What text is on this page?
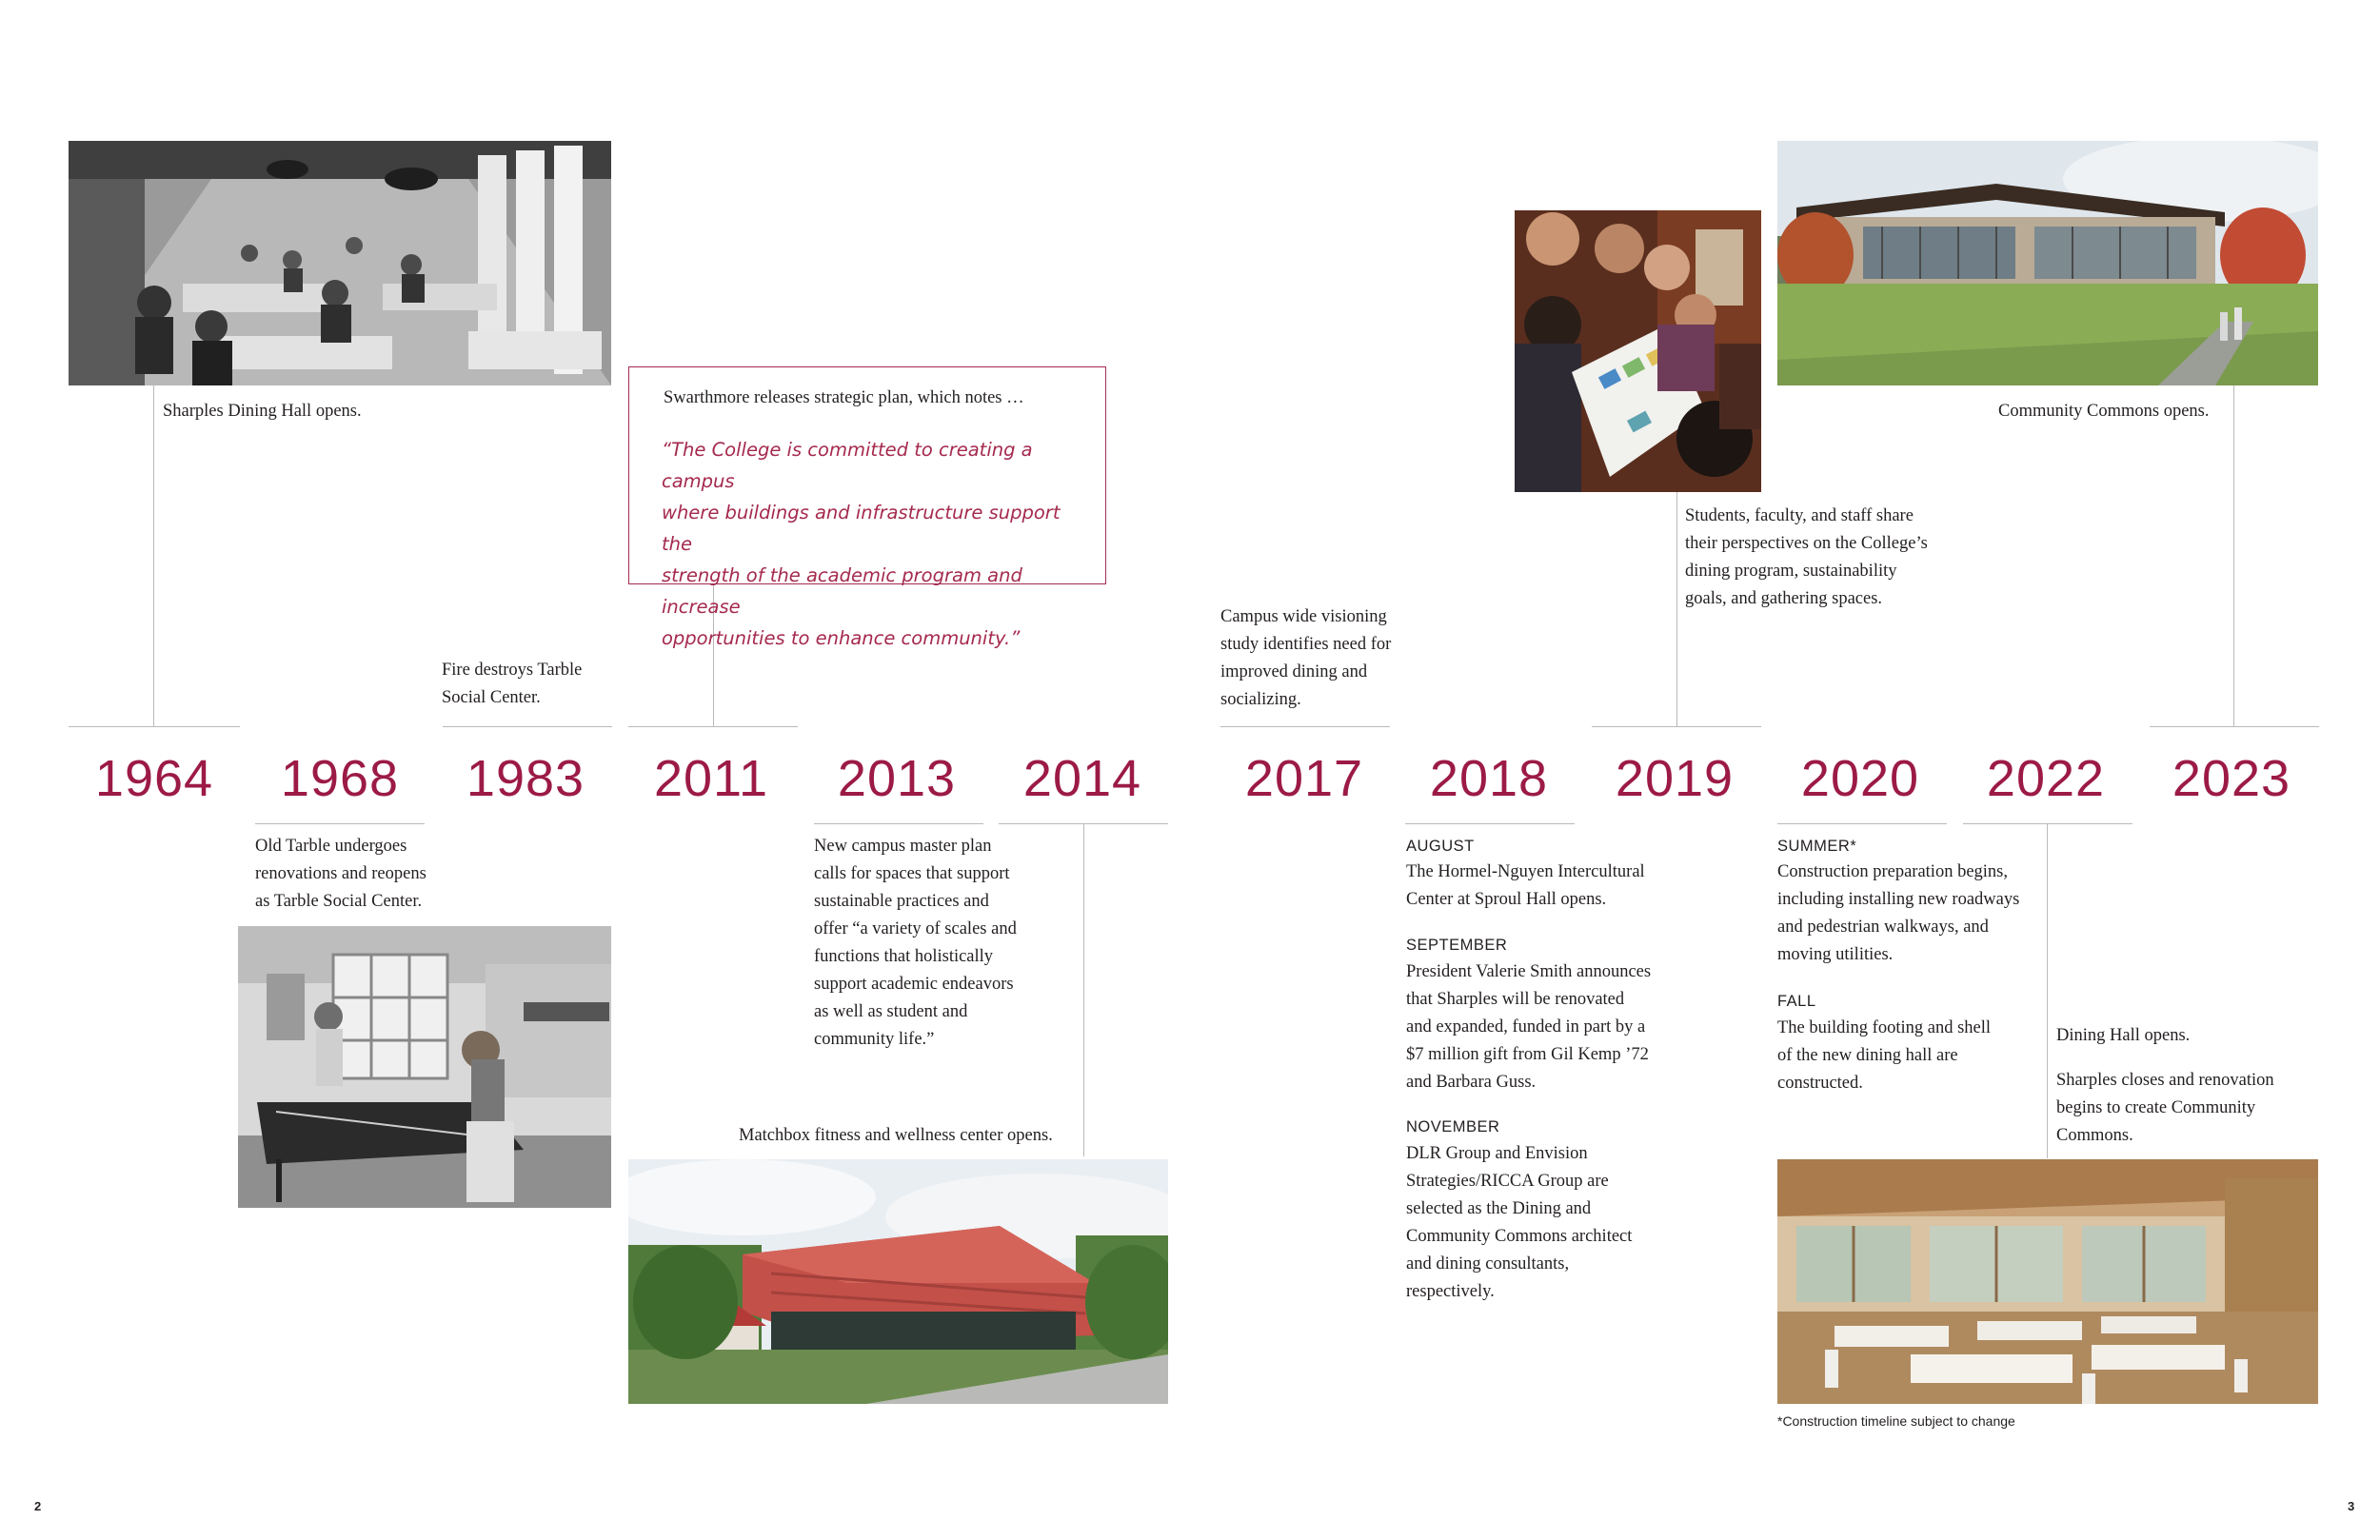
1964	1968	1983	2011	2013	2014	2017	2018	2019	2020	2022	2023
Sharples Dining Hall opens.
Old Tarble undergoes
renovations and reopens
as Tarble Social Center.
Fire destroys Tarble
Social Center.
Swarthmore releases strategic plan, which notes …
“The College is committed to creating a campus
where buildings and infrastructure support the
strength of the academic program and increase
opportunities to enhance community.”
New campus master plan
calls for spaces that support
sustainable practices and
offer “a variety of scales and
functions that holistically
support academic endeavors
as well as student and
community life.”
Matchbox fitness and wellness center opens.
Campus wide visioning
study identifies need for
improved dining and
socializing.
AUGUST
The Hormel-Nguyen Intercultural
Center at Sproul Hall opens.
SEPTEMBER
President Valerie Smith announces
that Sharples will be renovated
and expanded, funded in part by a
$7 million gift from Gil Kemp ’72
and Barbara Guss.
NOVEMBER
DLR Group and Envision
Strategies/RICCA Group are
selected as the Dining and
Community Commons architect
and dining consultants,
respectively.
Students, faculty, and staff share
their perspectives on the College’s
dining program, sustainability
goals, and gathering spaces.
SUMMER*
Construction preparation begins,
including installing new roadways
and pedestrian walkways, and
moving utilities.
FALL
The building footing and shell
of the new dining hall are
constructed.
Dining Hall opens.
Sharples closes and renovation
begins to create Community
Commons.
Community Commons opens.
*Construction timeline subject to change
2	3
